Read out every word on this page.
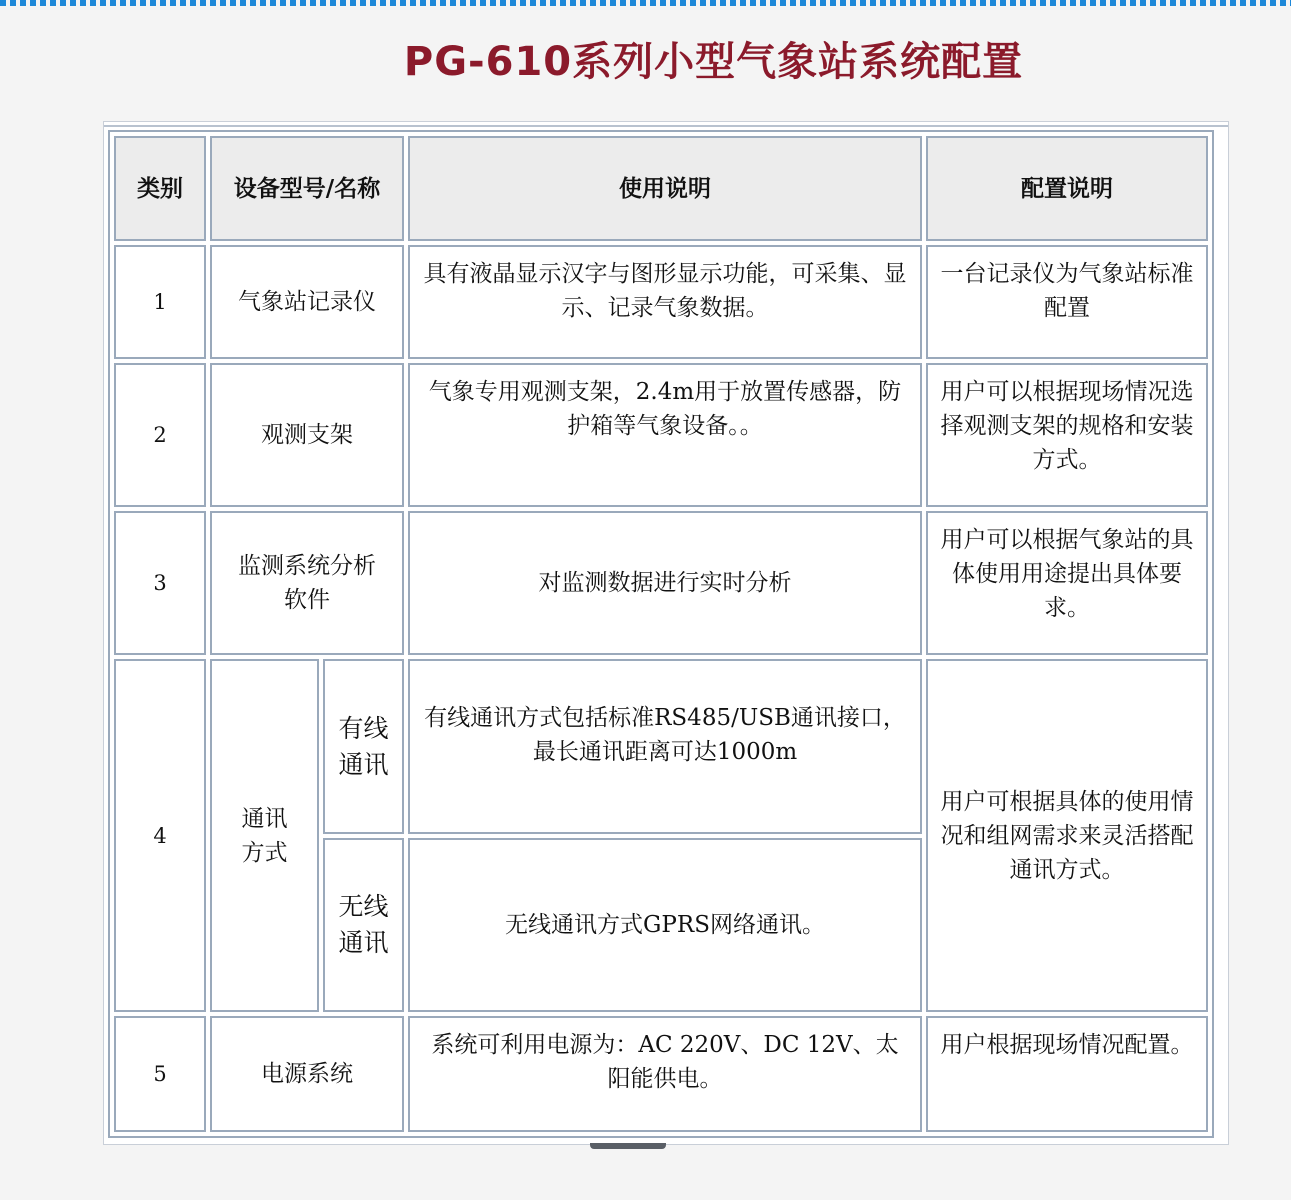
PG-610系列小型气象站系统配置
类别	设备型号/名称		使用说明	配置说明
1	气象站记录仪		具有液晶显示汉字与图形显示功能，可采集、显示、记录气象数据。	一台记录仪为气象站标准配置
2	观测支架		气象专用观测支架，2.4m用于放置传感器，防护箱等气象设备。。	用户可以根据现场情况选择观测支架的规格和安装方式。
3	监测系统分析软件		对监测数据进行实时分析	用户可以根据气象站的具体使用用途提出具体要求。
4	通讯方式	有线通讯	有线通讯方式包括标准RS485/USB通讯接口，最长通讯距离可达1000m	用户可根据具体的使用情况和组网需求来灵活搭配通讯方式。
		无线通讯	无线通讯方式GPRS网络通讯。	
5	电源系统		系统可利用电源为：AC 220V、DC 12V、太阳能供电。	用户根据现场情况配置。
